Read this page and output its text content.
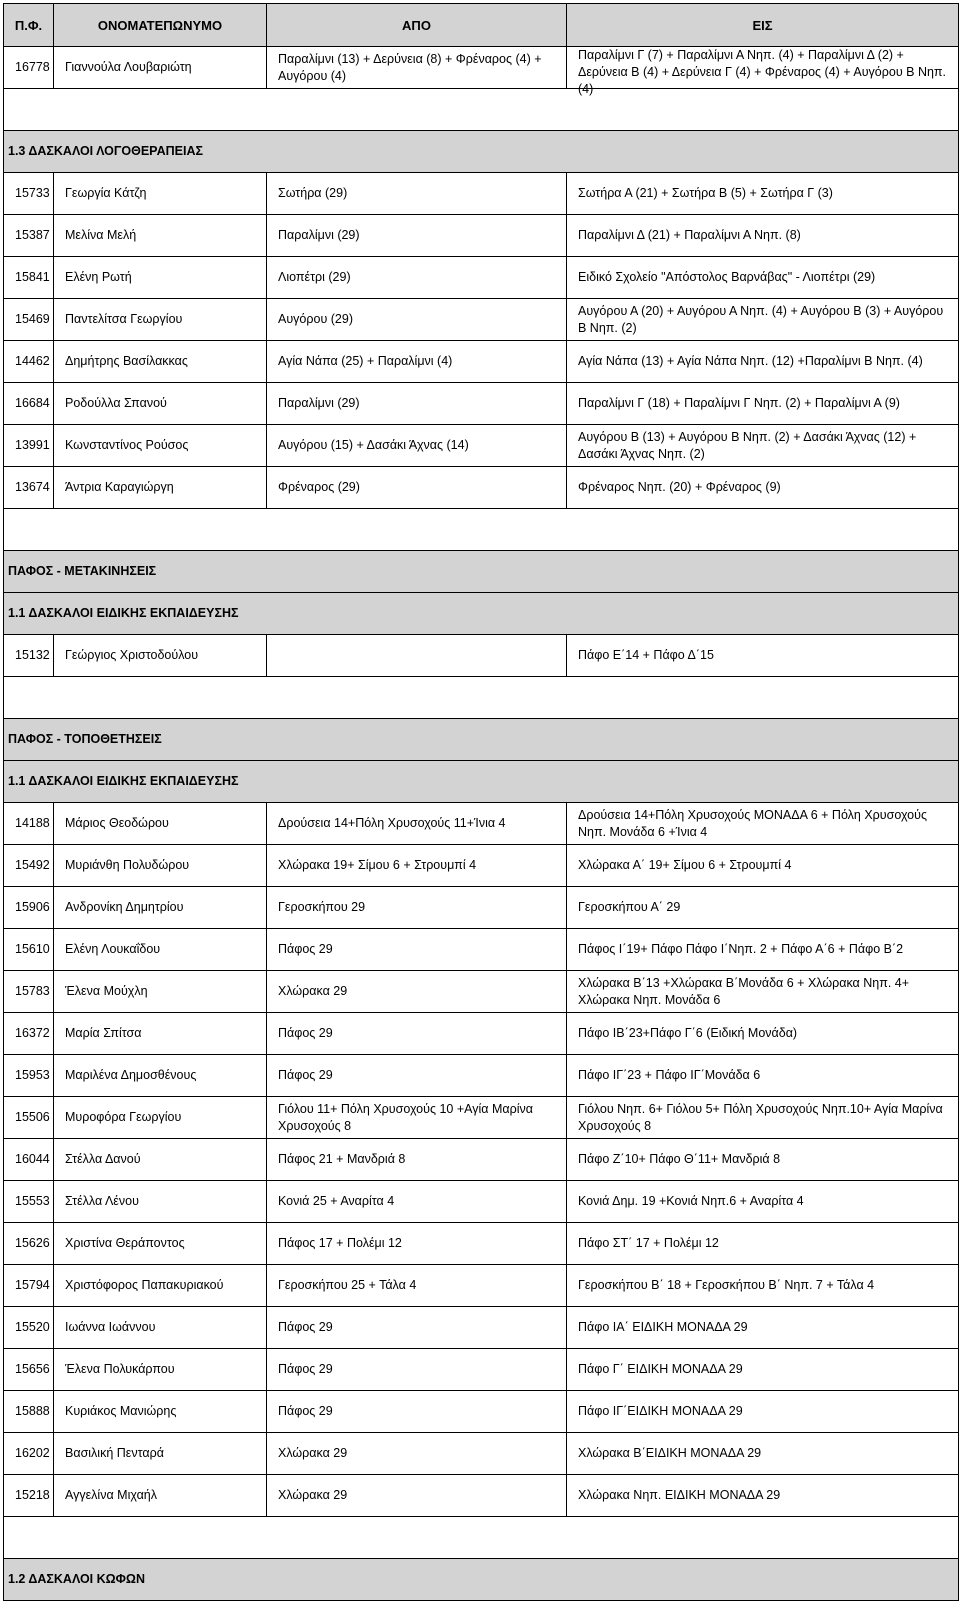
Π.Φ.	ΟΝΟΜΑΤΕΠΩΝΥΜΟ	ΑΠΟ	ΕΙΣ

16778	Γιαννούλα Λουβαριώτη	Παραλίμνι (13) + Δερύνεια (8) + Φρέναρος (4) + Αυγόρου (4)	Παραλίμνι Γ (7) + Παραλίμνι Α Νηπ. (4) + Παραλίμνι Δ (2) + Δερύνεια Β (4) + Δερύνεια Γ (4) + Φρέναρος (4) + Αυγόρου Β Νηπ. (4)

1.3 ΔΑΣΚΑΛΟΙ ΛΟΓΟΘΕΡΑΠΕΙΑΣ			

15733	Γεωργία Κάτζη	Σωτήρα (29)	Σωτήρα Α (21) + Σωτήρα Β (5) + Σωτήρα Γ (3)

15387	Μελίνα Μελή	Παραλίμνι (29)	Παραλίμνι Δ (21) + Παραλίμνι Α Νηπ. (8)

15841	Ελένη Ρωτή	Λιοπέτρι (29)	Ειδικό Σχολείο "Απόστολος Βαρνάβας" - Λιοπέτρι (29)

15469	Παντελίτσα Γεωργίου	Αυγόρου (29)	Αυγόρου Α (20) + Αυγόρου Α Νηπ. (4) + Αυγόρου Β (3) + Αυγόρου Β Νηπ. (2)

14462	Δημήτρης Βασίλακκας	Αγία Νάπα (25) + Παραλίμνι (4)	Αγία Νάπα (13) + Αγία Νάπα Νηπ. (12) +Παραλίμνι Β Νηπ. (4)

16684	Ροδούλλα Σπανού	Παραλίμνι (29)	Παραλίμνι Γ (18) + Παραλίμνι Γ Νηπ. (2) + Παραλίμνι Α (9)

13991	Κωνσταντίνος Ρούσος	Αυγόρου (15) + Δασάκι Άχνας (14)	Αυγόρου Β (13) + Αυγόρου Β Νηπ. (2) + Δασάκι Άχνας (12) + Δασάκι Άχνας Νηπ. (2)

13674	Άντρια Καραγιώργη	Φρέναρος (29)	Φρέναρος Νηπ. (20) + Φρέναρος (9)

ΠΑΦΟΣ - ΜΕΤΑΚΙΝΗΣΕΙΣ			
1.1 ΔΑΣΚΑΛΟΙ ΕΙΔΙΚΗΣ ΕΚΠΑΙΔΕΥΣΗΣ			

15132	Γεώργιος Χριστοδούλου		Πάφο Ε΄14 + Πάφο Δ΄15

ΠΑΦΟΣ - ΤΟΠΟΘΕΤΗΣΕΙΣ			
1.1 ΔΑΣΚΑΛΟΙ ΕΙΔΙΚΗΣ ΕΚΠΑΙΔΕΥΣΗΣ			

14188	Μάριος Θεοδώρου	Δρούσεια 14+Πόλη Χρυσοχούς 11+Ίνια 4	Δρούσεια 14+Πόλη Χρυσοχούς ΜΟΝΑΔΑ 6 + Πόλη Χρυσοχούς Νηπ. Μονάδα 6 +Ίνια 4

15492	Μυριάνθη Πολυδώρου	Χλώρακα 19+ Σίμου 6 + Στρουμπί 4	Χλώρακα Α΄ 19+ Σίμου 6 + Στρουμπί 4

15906	Ανδρονίκη Δημητρίου	Γεροσκήπου 29	Γεροσκήπου Α΄ 29

15610	Ελένη Λουκαΐδου	Πάφος 29	Πάφος Ι΄19+ Πάφο Πάφο Ι΄Νηπ. 2 + Πάφο Α΄6 + Πάφο Β΄2

15783	Έλενα Μούχλη	Χλώρακα 29	Χλώρακα Β΄13 +Χλώρακα Β΄Μονάδα 6 + Χλώρακα Νηπ. 4+ Χλώρακα Νηπ. Μονάδα 6

16372	Μαρία Σπίτσα	Πάφος 29	Πάφο ΙΒ΄23+Πάφο Γ΄6 (Ειδική Μονάδα)

15953	Μαριλένα Δημοσθένους	Πάφος 29	Πάφο ΙΓ΄23 + Πάφο ΙΓ΄Μονάδα 6

15506	Μυροφόρα Γεωργίου	Γιόλου 11+ Πόλη Χρυσοχούς 10 +Αγία Μαρίνα Χρυσοχούς 8	Γιόλου Νηπ. 6+ Γιόλου 5+ Πόλη Χρυσοχούς Νηπ.10+ Αγία Μαρίνα Χρυσοχούς 8

16044	Στέλλα Δανού	Πάφος 21 + Μανδριά 8	Πάφο Ζ΄10+ Πάφο Θ΄11+ Μανδριά 8

15553	Στέλλα Λένου	Κονιά 25 + Αναρίτα 4	Κονιά Δημ. 19 +Κονιά Νηπ.6 + Αναρίτα 4

15626	Χριστίνα Θεράποντος	Πάφος 17 + Πολέμι 12	Πάφο ΣΤ΄ 17 + Πολέμι 12

15794	Χριστόφορος Παπακυριακού	Γεροσκήπου 25 + Τάλα 4	Γεροσκήπου Β΄ 18 + Γεροσκήπου Β΄ Νηπ. 7 + Τάλα 4

15520	Ιωάννα Ιωάννου	Πάφος 29	Πάφο ΙΑ΄ ΕΙΔΙΚΗ ΜΟΝΑΔΑ 29

15656	Έλενα Πολυκάρπου	Πάφος 29	Πάφο Γ΄ ΕΙΔΙΚΗ ΜΟΝΑΔΑ 29

15888	Κυριάκος Μανιώρης	Πάφος 29	Πάφο ΙΓ΄ΕΙΔΙΚΗ ΜΟΝΑΔΑ 29

16202	Βασιλική Πενταρά	Χλώρακα 29	Χλώρακα Β΄ΕΙΔΙΚΗ ΜΟΝΑΔΑ 29

15218	Αγγελίνα Μιχαήλ	Χλώρακα 29	Χλώρακα Νηπ. ΕΙΔΙΚΗ ΜΟΝΑΔΑ 29

1.2 ΔΑΣΚΑΛΟΙ ΚΩΦΩΝ			
